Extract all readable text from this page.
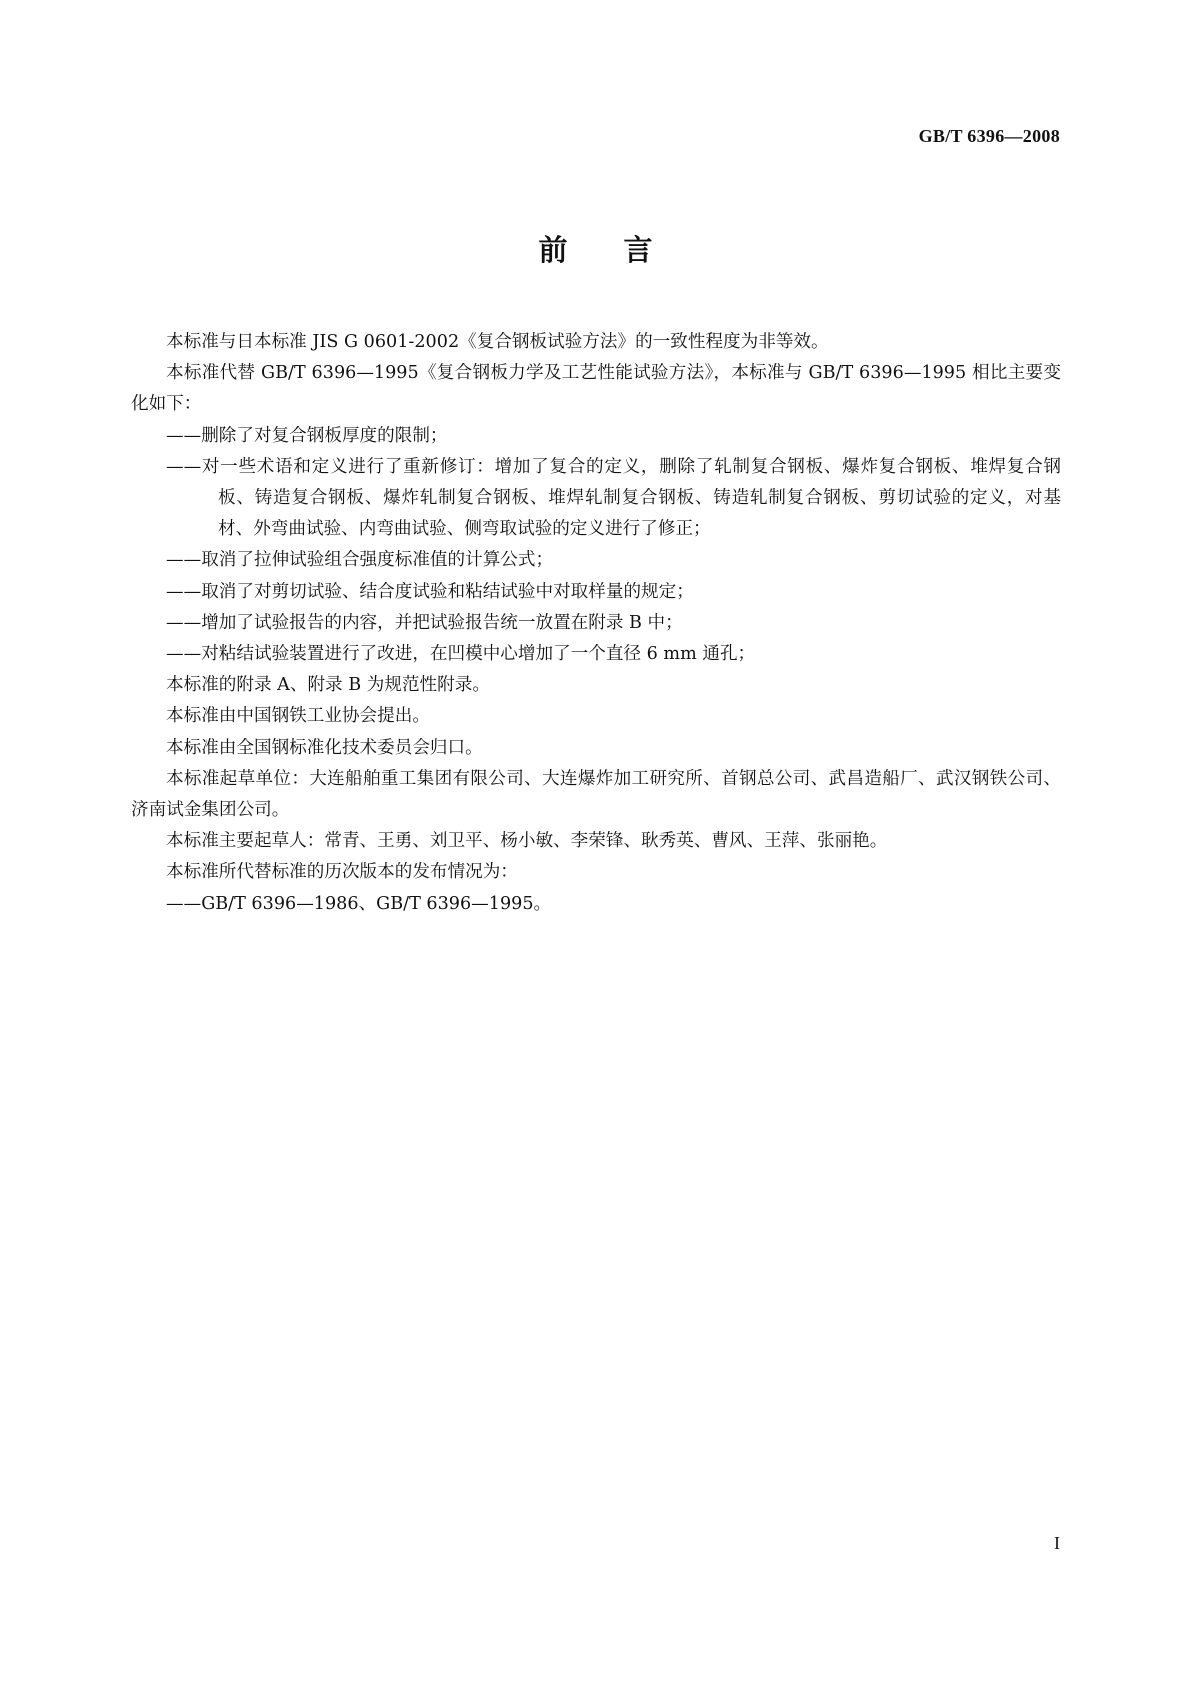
GB/T 6396—2008
前言

本标准与日本标准 JIS G 0601-2002《复合钢板试验方法》的一致性程度为非等效。

本标准代替 GB/T 6396—1995《复合钢板力学及工艺性能试验方法》，本标准与 GB/T 6396—1995 相比主要变化如下：

——删除了对复合钢板厚度的限制；

——对一些术语和定义进行了重新修订：增加了复合的定义，删除了轧制复合钢板、爆炸复合钢板、堆焊复合钢板、铸造复合钢板、爆炸轧制复合钢板、堆焊轧制复合钢板、铸造轧制复合钢板、剪切试验的定义，对基材、外弯曲试验、内弯曲试验、侧弯取试验的定义进行了修正；

——取消了拉伸试验组合强度标准值的计算公式；

——取消了对剪切试验、结合度试验和粘结试验中对取样量的规定；

——增加了试验报告的内容，并把试验报告统一放置在附录 B 中；

——对粘结试验装置进行了改进，在凹模中心增加了一个直径 6 mm 通孔；

本标准的附录 A、附录 B 为规范性附录。

本标准由中国钢铁工业协会提出。

本标准由全国钢标准化技术委员会归口。

本标准起草单位：大连船舶重工集团有限公司、大连爆炸加工研究所、首钢总公司、武昌造船厂、武汉钢铁公司、济南试金集团公司。

本标准主要起草人：常青、王勇、刘卫平、杨小敏、李荣锋、耿秀英、曹风、王萍、张丽艳。

本标准所代替标准的历次版本的发布情况为：

——GB/T 6396—1986、GB/T 6396—1995。

I
